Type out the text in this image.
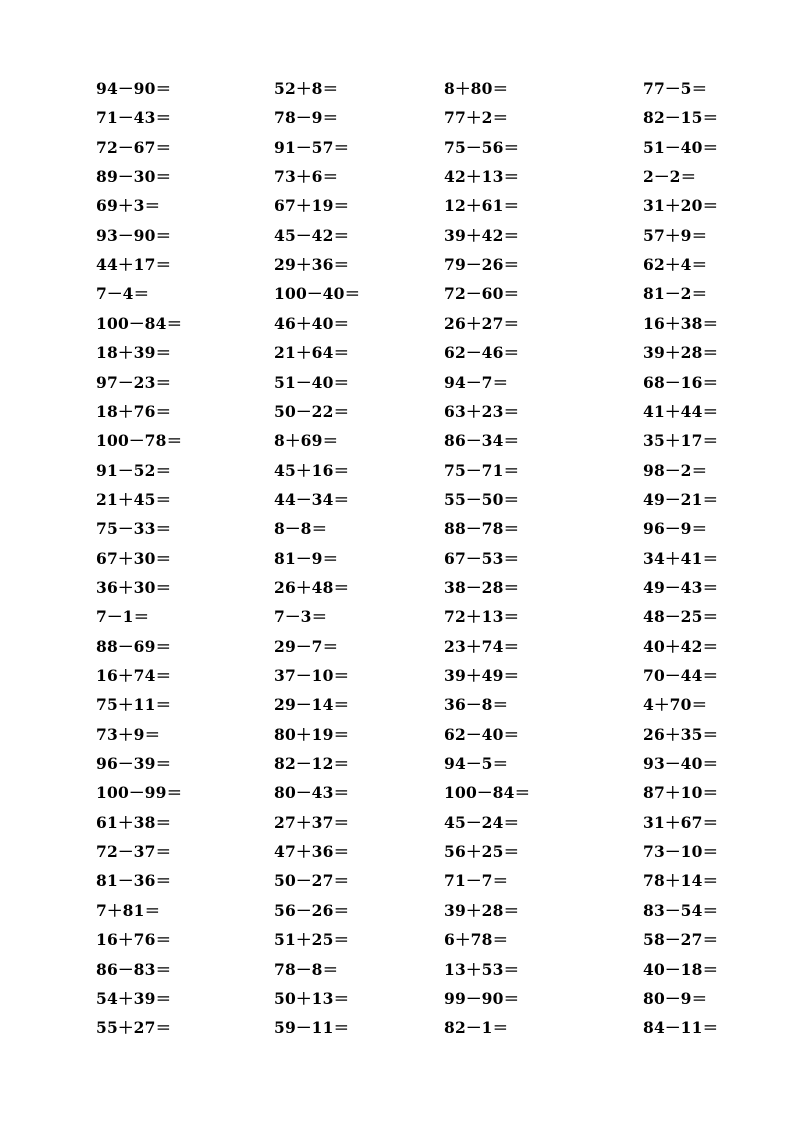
94－90＝
71－43＝
72－67＝
89－30＝
69＋3＝
93－90＝
44＋17＝
7－4＝
100－84＝
18＋39＝
97－23＝
18＋76＝
100－78＝
91－52＝
21＋45＝
75－33＝
67＋30＝
36＋30＝
7－1＝
88－69＝
16＋74＝
75＋11＝
73＋9＝
96－39＝
100－99＝
61＋38＝
72－37＝
81－36＝
7＋81＝
16＋76＝
86－83＝
54＋39＝
55＋27＝
52＋8＝
78－9＝
91－57＝
73＋6＝
67＋19＝
45－42＝
29＋36＝
100－40＝
46＋40＝
21＋64＝
51－40＝
50－22＝
8＋69＝
45＋16＝
44－34＝
8－8＝
81－9＝
26＋48＝
7－3＝
29－7＝
37－10＝
29－14＝
80＋19＝
82－12＝
80－43＝
27＋37＝
47＋36＝
50－27＝
56－26＝
51＋25＝
78－8＝
50＋13＝
59－11＝
8＋80＝
77＋2＝
75－56＝
42＋13＝
12＋61＝
39＋42＝
79－26＝
72－60＝
26＋27＝
62－46＝
94－7＝
63＋23＝
86－34＝
75－71＝
55－50＝
88－78＝
67－53＝
38－28＝
72＋13＝
23＋74＝
39＋49＝
36－8＝
62－40＝
94－5＝
100－84＝
45－24＝
56＋25＝
71－7＝
39＋28＝
6＋78＝
13＋53＝
99－90＝
82－1＝
77－5＝
82－15＝
51－40＝
2－2＝
31＋20＝
57＋9＝
62＋4＝
81－2＝
16＋38＝
39＋28＝
68－16＝
41＋44＝
35＋17＝
98－2＝
49－21＝
96－9＝
34＋41＝
49－43＝
48－25＝
40＋42＝
70－44＝
4＋70＝
26＋35＝
93－40＝
87＋10＝
31＋67＝
73－10＝
78＋14＝
83－54＝
58－27＝
40－18＝
80－9＝
84－11＝
